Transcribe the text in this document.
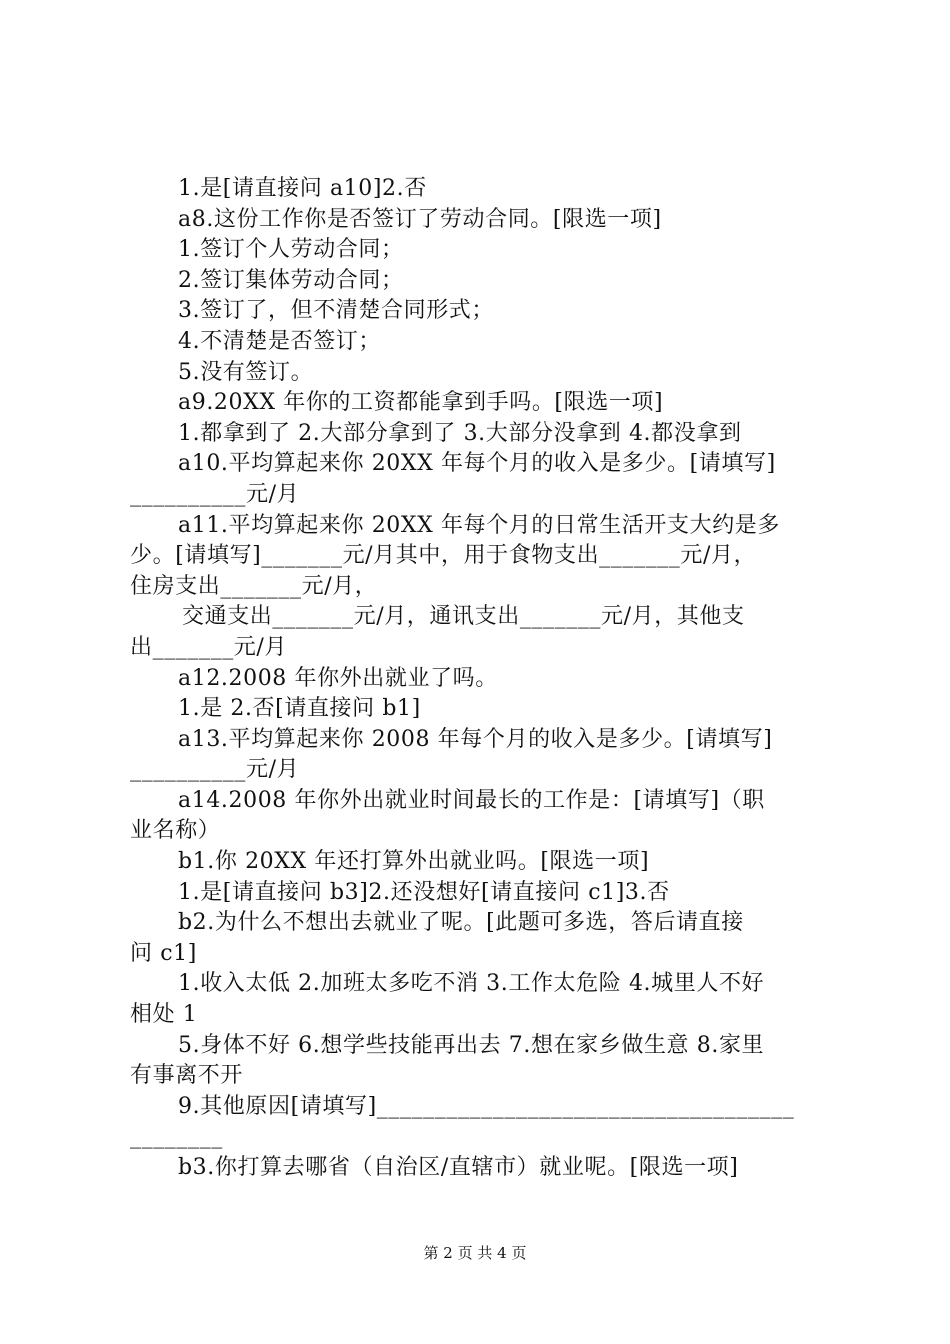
1.是[请直接问 a10]2.否
a8.这份工作你是否签订了劳动合同。[限选一项]
1.签订个人劳动合同；
2.签订集体劳动合同；
3.签订了，但不清楚合同形式；
4.不清楚是否签订；
5.没有签订。
a9.20XX 年你的工资都能拿到手吗。[限选一项]
1.都拿到了 2.大部分拿到了 3.大部分没拿到 4.都没拿到
a10.平均算起来你 20XX 年每个月的收入是多少。[请填写]
__________元/月
a11.平均算起来你 20XX 年每个月的日常生活开支大约是多
少。[请填写]_______元/月其中，用于食物支出_______元/月，
住房支出_______元/月，
交通支出_______元/月，通讯支出_______元/月，其他支
出_______元/月
a12.2008 年你外出就业了吗。
1.是 2.否[请直接问 b1]
a13.平均算起来你 2008 年每个月的收入是多少。[请填写]
__________元/月
a14.2008 年你外出就业时间最长的工作是：[请填写]（职
业名称）
b1.你 20XX 年还打算外出就业吗。[限选一项]
1.是[请直接问 b3]2.还没想好[请直接问 c1]3.否
b2.为什么不想出去就业了呢。[此题可多选，答后请直接
问 c1]
1.收入太低 2.加班太多吃不消 3.工作太危险 4.城里人不好
相处 1
5.身体不好 6.想学些技能再出去 7.想在家乡做生意 8.家里
有事离不开
9.其他原因[请填写]____________________________________
________
b3.你打算去哪省（自治区/直辖市）就业呢。[限选一项]
第 2 页 共 4 页
